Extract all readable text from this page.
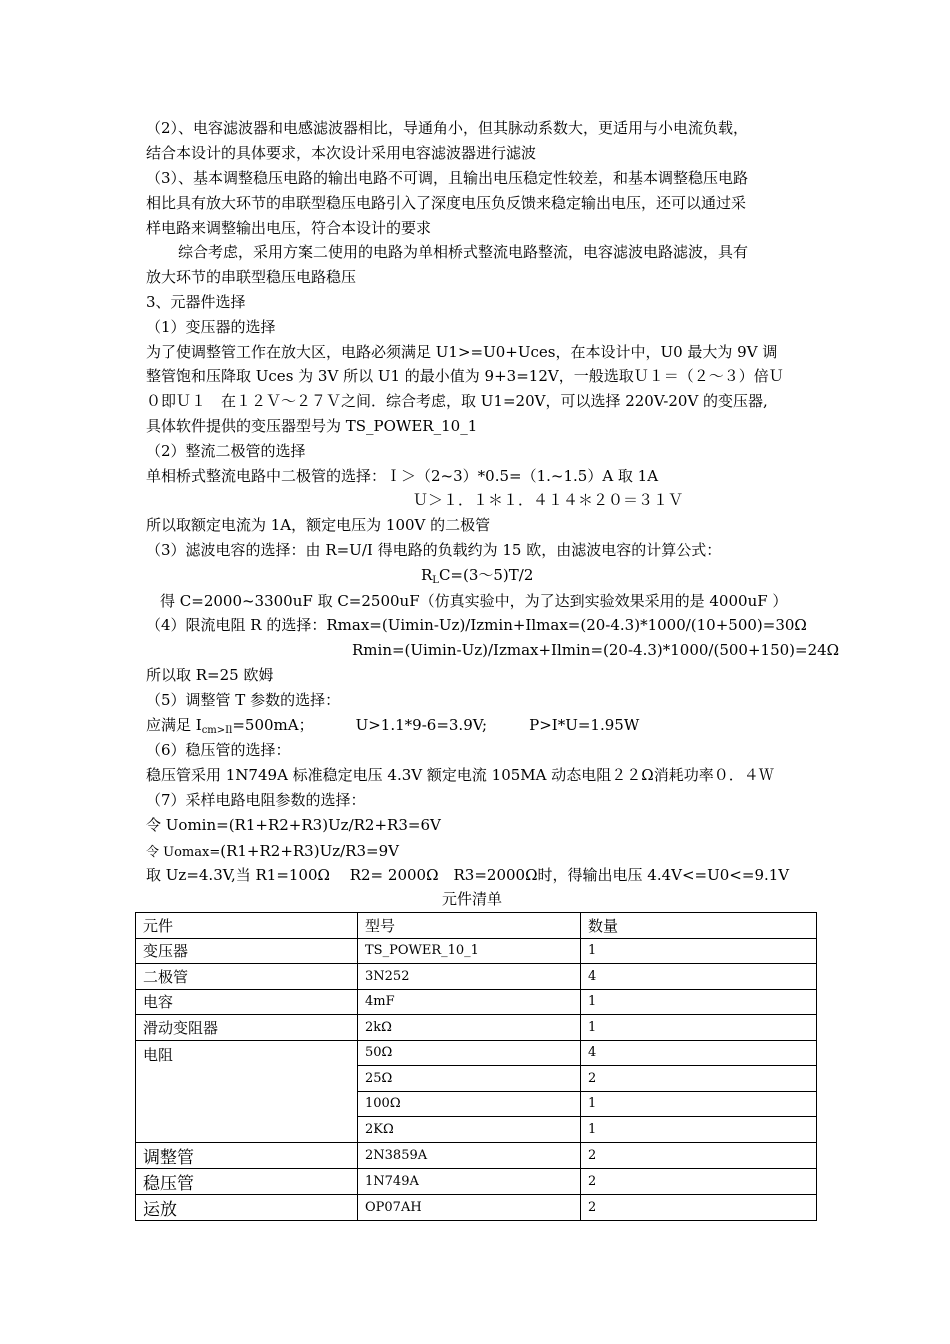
（2）、电容滤波器和电感滤波器相比，导通角小，但其脉动系数大，更适用与小电流负载，
结合本设计的具体要求，本次设计采用电容滤波器进行滤波
（3）、基本调整稳压电路的输出电路不可调，且输出电压稳定性较差，和基本调整稳压电路
相比具有放大环节的串联型稳压电路引入了深度电压负反馈来稳定输出电压，还可以通过采
样电路来调整输出电压，符合本设计的要求
综合考虑，采用方案二使用的电路为单相桥式整流电路整流，电容滤波电路滤波，具有
放大环节的串联型稳压电路稳压
3、元器件选择
（1）变压器的选择
为了使调整管工作在放大区，电路必须满足 U1>=U0+Uces，在本设计中，U0 最大为 9V 调
整管饱和压降取 Uces 为 3V 所以 U1 的最小值为 9+3=12V，一般选取Ｕ１＝（２～３）倍Ｕ
０即Ｕ１　在１２Ｖ～２７Ｖ之间．综合考虑，取 U1=20V，可以选择 220V-20V 的变压器,
具体软件提供的变压器型号为 TS_POWER_10_1
（2）整流二极管的选择
单相桥式整流电路中二极管的选择：Ｉ＞（2~3）*0.5=（1.~1.5）A 取 1A
Ｕ＞１．１＊１．４１４＊２０＝３１Ｖ
所以取额定电流为 1A，额定电压为 100V 的二极管
（3）滤波电容的选择：由 R=U/I 得电路的负载约为 15 欧，由滤波电容的计算公式：
$R_LC=(3\sim 5)T/2$
得 C=2000~3300uF 取 C=2500uF（仿真实验中，为了达到实验效果采用的是 4000uF ）
（4）限流电阻 R 的选择：Rmax=(Uimin-Uz)/Izmin+Ilmax=(20-4.3)*1000/(10+500)=30Ω
Rmin=(Uimin-Uz)/Izmax+Ilmin=(20-4.3)*1000/(500+150)=24Ω
所以取 R=25 欧姆
（5）调整管 T 参数的选择：
应满足 $I_{cm>Il}=500mA$；	U>1.1*9-6=3.9V;	P>I*U=1.95W
（6）稳压管的选择：
稳压管采用 1N749A 标准稳定电压 4.3V 额定电流 105MA 动态电阻２２Ω消耗功率０．４Ｗ
（7）采样电路电阻参数的选择：
令 Uomin=(R1+R2+R3)Uz/R2+R3=6V
令 Uomax=(R1+R2+R3)Uz/R3=9V
取 Uz=4.3V,当 R1=100Ω　 R2= 2000Ω　R3=2000Ω时，得输出电压 4.4V<=U0<=9.1V
元件清单
元件	型号	数量
变压器	TS_POWER_10_1	1
二极管	3N252	4
电容	4mF	1
滑动变阻器	2kΩ	1
电阻	50Ω	4
	25Ω	2
	100Ω	1
	2KΩ	1
调整管	2N3859A	2
稳压管	1N749A	2
运放	OP07AH	2
